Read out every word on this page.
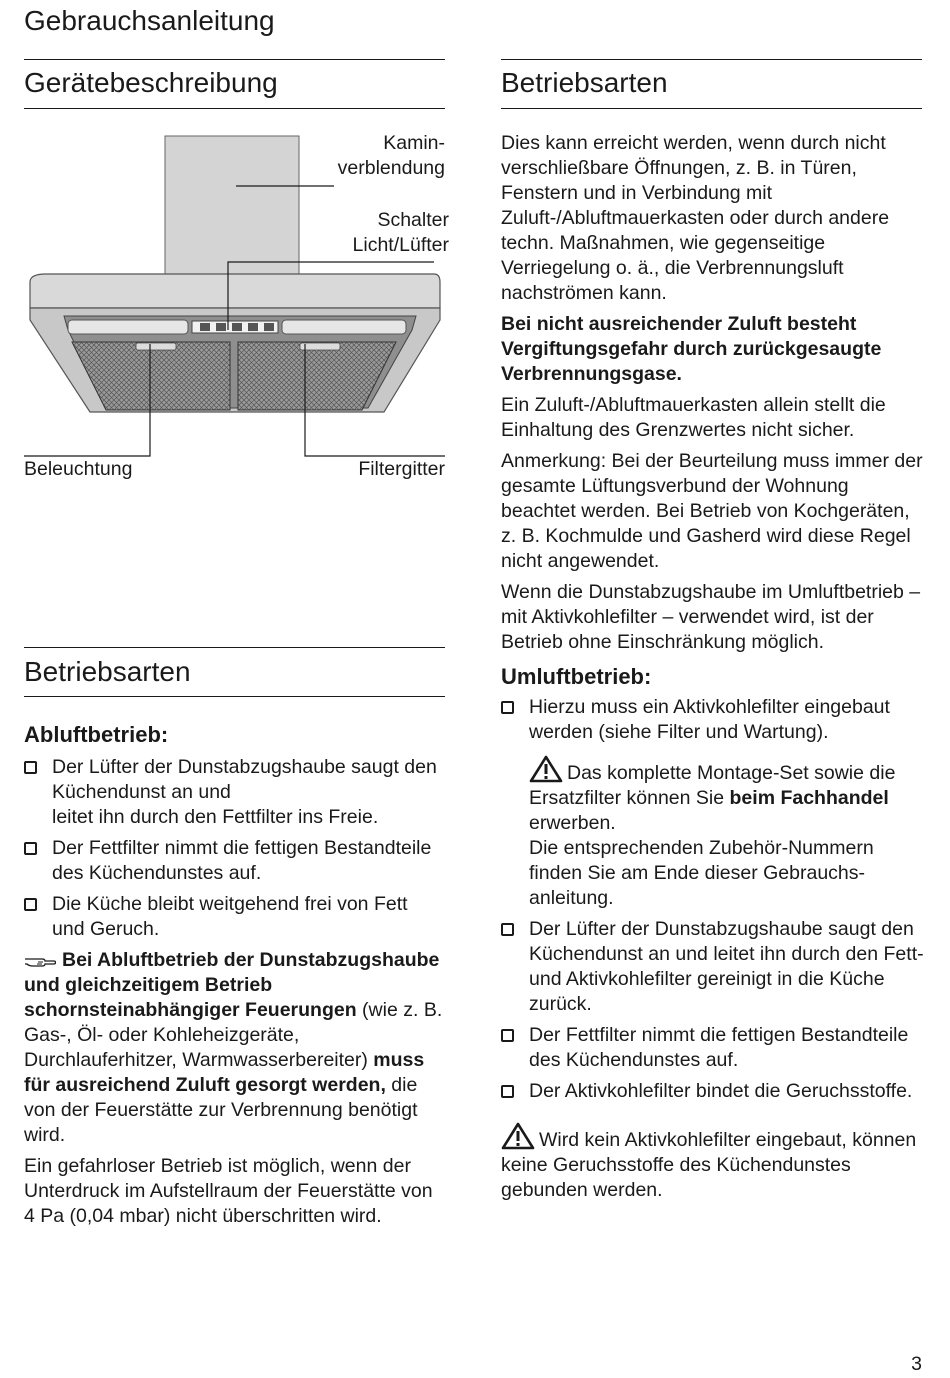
Gebrauchsanleitung
Gerätebeschreibung
Kamin-
verblendung
Schalter
Licht/Lüfter
Beleuchtung	Filtergitter
Betriebsarten
Abluftbetrieb:
Der Lüfter der Dunstabzugshaube saugt den Küchendunst an und
leitet ihn durch den Fettfilter ins Freie.
Der Fettfilter nimmt die fettigen Bestandteile des Küchendunstes auf.
Die Küche bleibt weitgehend frei von Fett und Geruch.
Bei Abluftbetrieb der Dunstabzugshaube und gleichzeitigem Betrieb schornsteinabhängiger Feuerungen (wie z. B. Gas-, Öl- oder Kohleheizgeräte, Durchlauferhitzer, Warmwasserbereiter) muss für ausreichend Zuluft gesorgt werden, die von der Feuerstätte zur Verbrennung benötigt wird.
Ein gefahrloser Betrieb ist möglich, wenn der Unterdruck im Aufstellraum der Feuerstätte von 4 Pa (0,04 mbar) nicht überschritten wird.
Betriebsarten
Dies kann erreicht werden, wenn durch nicht verschließbare Öffnungen, z. B. in Türen, Fenstern und in Verbindung mit Zuluft-/Abluftmauerkasten oder durch andere techn. Maßnahmen, wie gegenseitige Verriegelung o. ä., die Verbrennungsluft nachströmen kann.
Bei nicht ausreichender Zuluft besteht Vergiftungsgefahr durch zurückgesaugte Verbrennungsgase.
Ein Zuluft-/Abluftmauerkasten allein stellt die Einhaltung des Grenzwertes nicht sicher.
Anmerkung: Bei der Beurteilung muss immer der gesamte Lüftungsverbund der Wohnung beachtet werden. Bei Betrieb von Kochgeräten, z. B. Kochmulde und Gasherd wird diese Regel nicht angewendet.
Wenn die Dunstabzugshaube im Umluftbetrieb – mit Aktivkohlefilter – verwendet wird, ist der Betrieb ohne Einschränkung möglich.
Umluftbetrieb:
Hierzu muss ein Aktivkohlefilter eingebaut werden (siehe Filter und Wartung).
Das komplette Montage-Set sowie die Ersatzfilter können Sie beim Fachhandel erwerben.
Die entsprechenden Zubehör-Nummern finden Sie am Ende dieser Gebrauchsanleitung.
Der Lüfter der Dunstabzugshaube saugt den Küchendunst an und leitet ihn durch den Fett- und Aktivkohlefilter gereinigt in die Küche zurück.
Der Fettfilter nimmt die fettigen Bestandteile des Küchendunstes auf.
Der Aktivkohlefilter bindet die Geruchsstoffe.
Wird kein Aktivkohlefilter eingebaut, können keine Geruchsstoffe des Küchendunstes gebunden werden.
3
